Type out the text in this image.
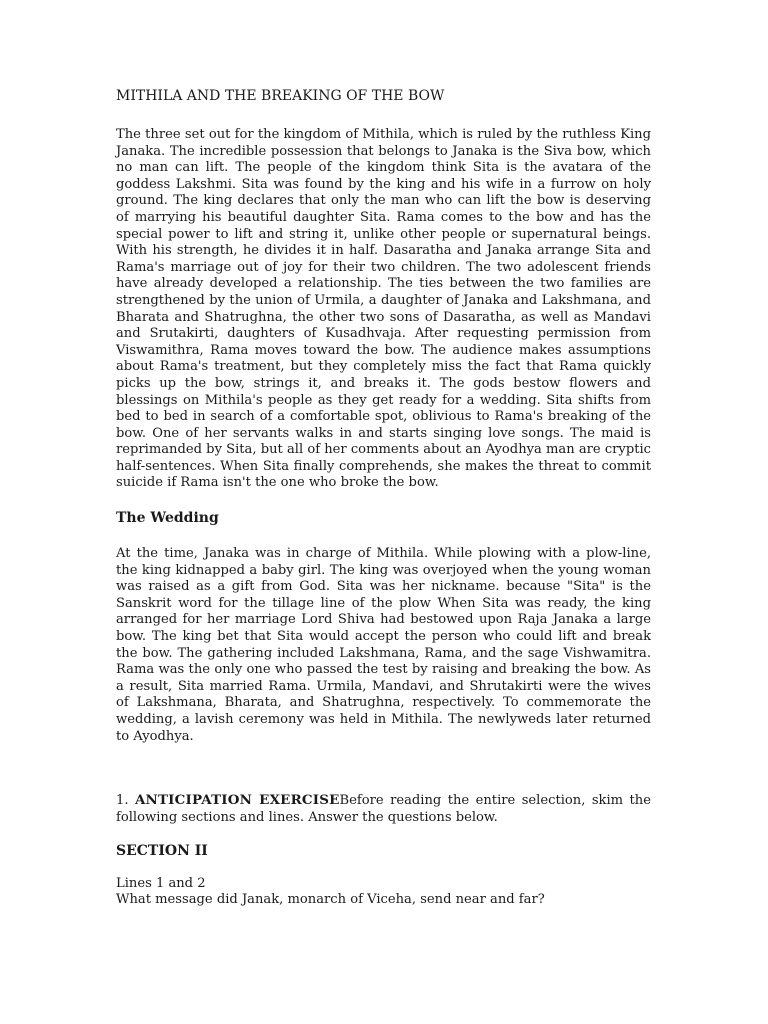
MITHILA AND THE BREAKING OF THE BOW

The three set out for the kingdom of Mithila, which is ruled by the ruthless King Janaka. The incredible possession that belongs to Janaka is the Siva bow, which no man can lift. The people of the kingdom think Sita is the avatara of the goddess Lakshmi. Sita was found by the king and his wife in a furrow on holy ground. The king declares that only the man who can lift the bow is deserving of marrying his beautiful daughter Sita. Rama comes to the bow and has the special power to lift and string it, unlike other people or supernatural beings. With his strength, he divides it in half. Dasaratha and Janaka arrange Sita and Rama's marriage out of joy for their two children. The two adolescent friends have already developed a relationship. The ties between the two families are strengthened by the union of Urmila, a daughter of Janaka and Lakshmana, and Bharata and Shatrughna, the other two sons of Dasaratha, as well as Mandavi and Srutakirti, daughters of Kusadhvaja. After requesting permission from Viswamithra, Rama moves toward the bow. The audience makes assumptions about Rama's treatment, but they completely miss the fact that Rama quickly picks up the bow, strings it, and breaks it. The gods bestow flowers and blessings on Mithila's people as they get ready for a wedding. Sita shifts from bed to bed in search of a comfortable spot, oblivious to Rama's breaking of the bow. One of her servants walks in and starts singing love songs. The maid is reprimanded by Sita, but all of her comments about an Ayodhya man are cryptic half-sentences. When Sita finally comprehends, she makes the threat to commit suicide if Rama isn't the one who broke the bow.

The Wedding

At the time, Janaka was in charge of Mithila. While plowing with a plow-line, the king kidnapped a baby girl. The king was overjoyed when the young woman was raised as a gift from God. Sita was her nickname. because "Sita" is the Sanskrit word for the tillage line of the plow When Sita was ready, the king arranged for her marriage Lord Shiva had bestowed upon Raja Janaka a large bow. The king bet that Sita would accept the person who could lift and break the bow. The gathering included Lakshmana, Rama, and the sage Vishwamitra. Rama was the only one who passed the test by raising and breaking the bow. As a result, Sita married Rama. Urmila, Mandavi, and Shrutakirti were the wives of Lakshmana, Bharata, and Shatrughna, respectively. To commemorate the wedding, a lavish ceremony was held in Mithila. The newlyweds later returned to Ayodhya.

1. ANTICIPATION EXERCISEBefore reading the entire selection, skim the following sections and lines. Answer the questions below.

SECTION II

Lines 1 and 2

What message did Janak, monarch of Viceha, send near and far?
